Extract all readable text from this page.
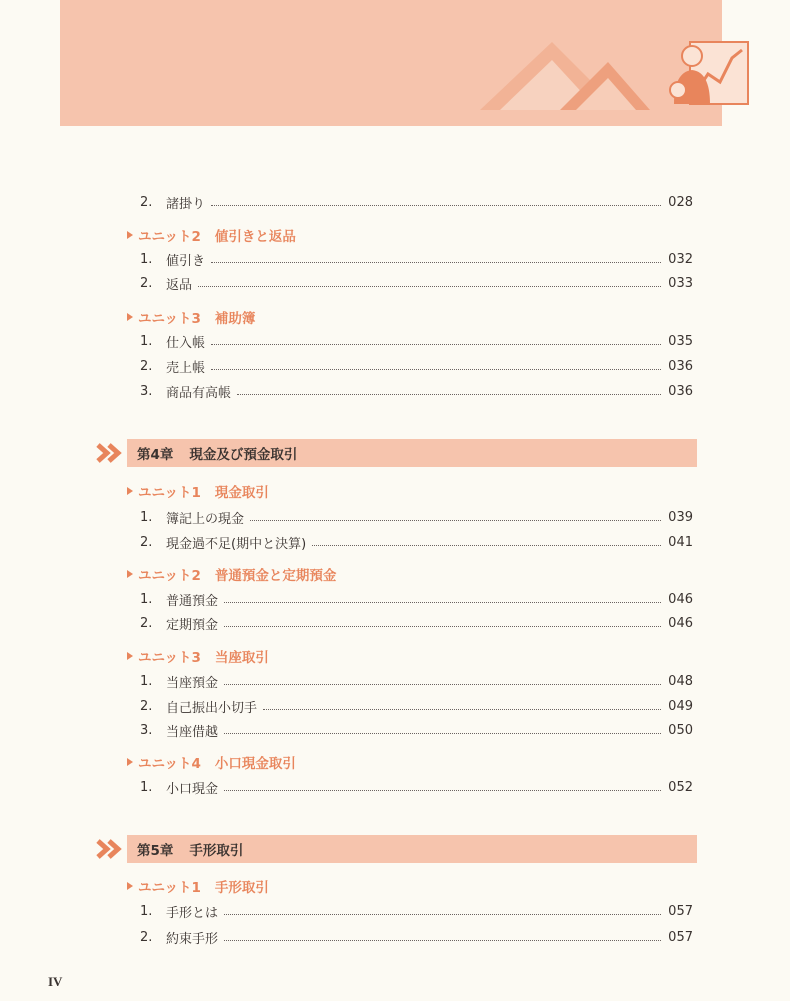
2.	諸掛り	028
ユニット2 値引きと返品
1.	値引き	032
2.	返品	033
ユニット3 補助簿
1.	仕入帳	035
2.	売上帳	036
3.	商品有高帳	036
第4章 現金及び預金取引
ユニット1 現金取引
1.	簿記上の現金	039
2.	現金過不足(期中と決算)	041
ユニット2 普通預金と定期預金
1.	普通預金	046
2.	定期預金	046
ユニット3 当座取引
1.	当座預金	048
2.	自己振出小切手	049
3.	当座借越	050
ユニット4 小口現金取引
1.	小口現金	052
第5章 手形取引
ユニット1 手形取引
1.	手形とは	057
2.	約束手形	057
IV
